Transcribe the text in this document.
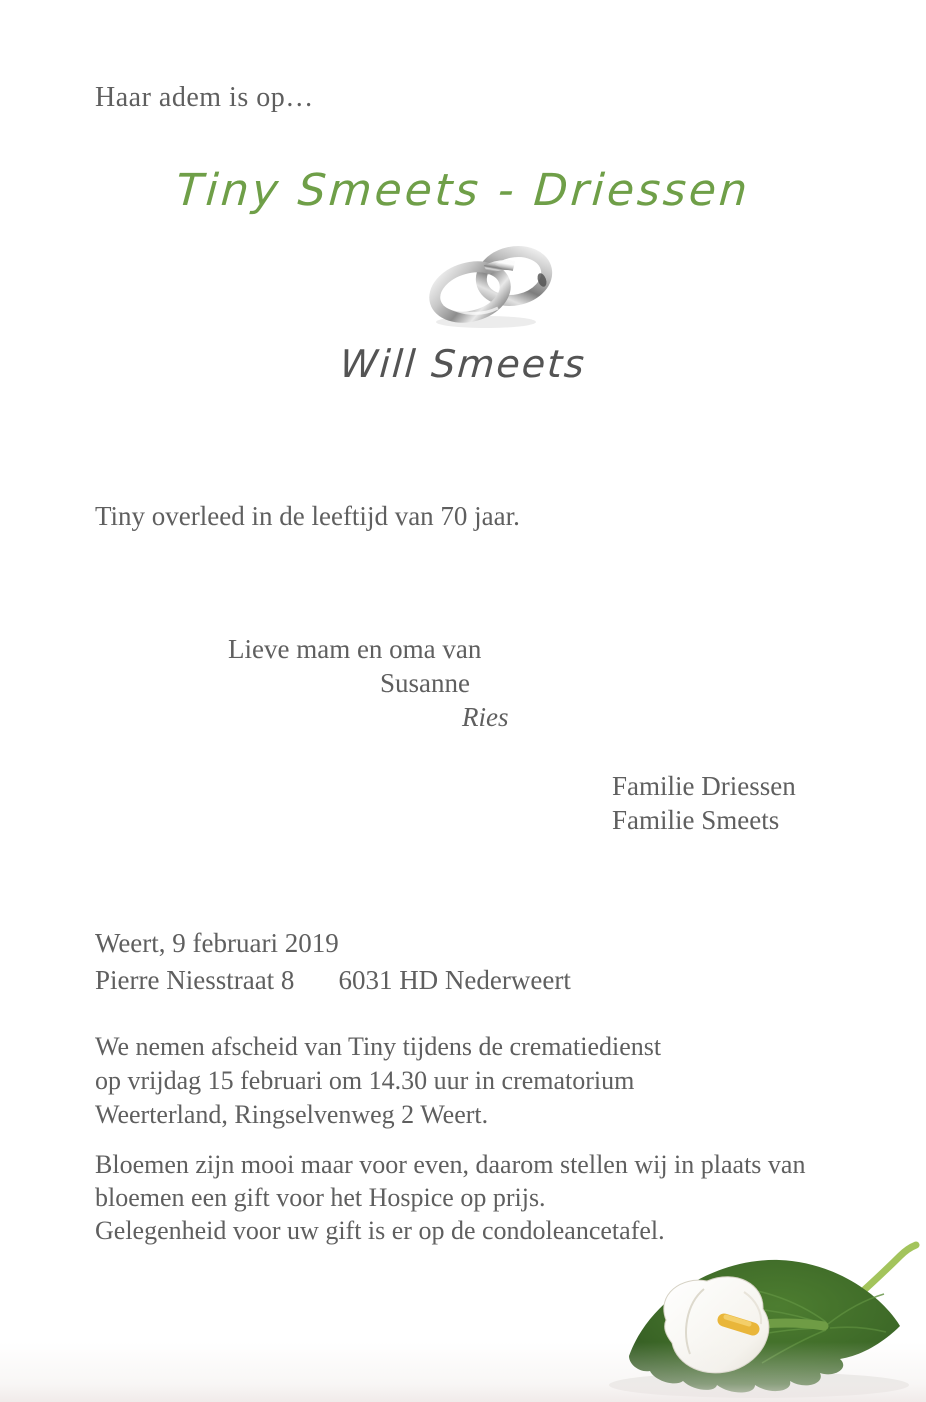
Haar adem is op…
Tiny Smeets - Driessen
Will Smeets
Tiny overleed in de leeftijd van 70 jaar.
Lieve mam en oma van
Susanne
Ries
Familie Driessen
Familie Smeets
Weert, 9 februari 2019
Pierre Niesstraat 8 6031 HD Nederweert
We nemen afscheid van Tiny tijdens de crematiedienst
op vrijdag 15 februari om 14.30 uur in crematorium
Weerterland, Ringselvenweg 2 Weert.
Bloemen zijn mooi maar voor even, daarom stellen wij in plaats van
bloemen een gift voor het Hospice op prijs.
Gelegenheid voor uw gift is er op de condoleancetafel.
